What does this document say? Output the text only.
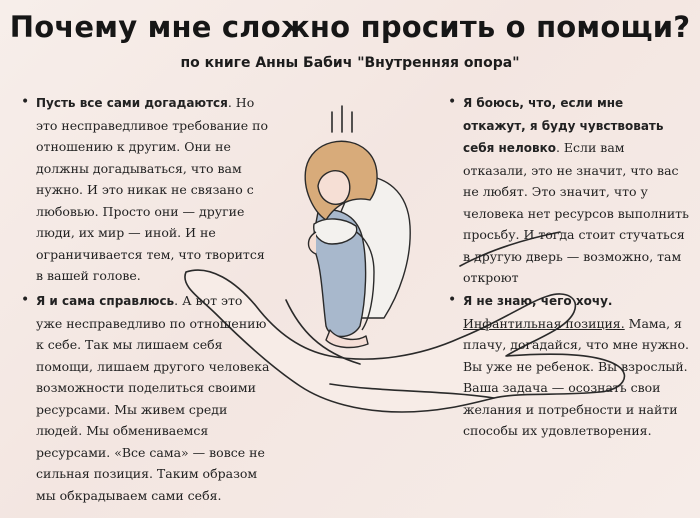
Почему мне сложно просить о помощи?
по книге Анны Бабич "Внутренняя опора"
• Пусть все сами догадаются. Но это несправедливое требование по отношению к другим. Они не должны догадываться, что вам нужно. И это никак не связано с любовью. Просто они — другие люди, их мир — иной. И не ограничивается тем, что творится в вашей голове.
• Я и сама справлюсь. А вот это уже несправедливо по отношению к себе. Так мы лишаем себя помощи, лишаем другого человека возможности поделиться своими ресурсами. Мы живем среди людей. Мы обмениваемся ресурсами. «Все сама» — вовсе не сильная позиция. Таким образом мы обкрадываем сами себя.
• Я боюсь, что, если мне откажут, я буду чувствовать себя неловко. Если вам отказали, это не значит, что вас не любят. Это значит, что у человека нет ресурсов выполнить просьбу. И тогда стоит стучаться в другую дверь — возможно, там откроют
• Я не знаю, чего хочу. Инфантильная позиция. Мама, я плачу, догадайся, что мне нужно. Вы уже не ребенок. Вы взрослый. Ваша задача — осознать свои желания и потребности и найти способы их удовлетворения.
